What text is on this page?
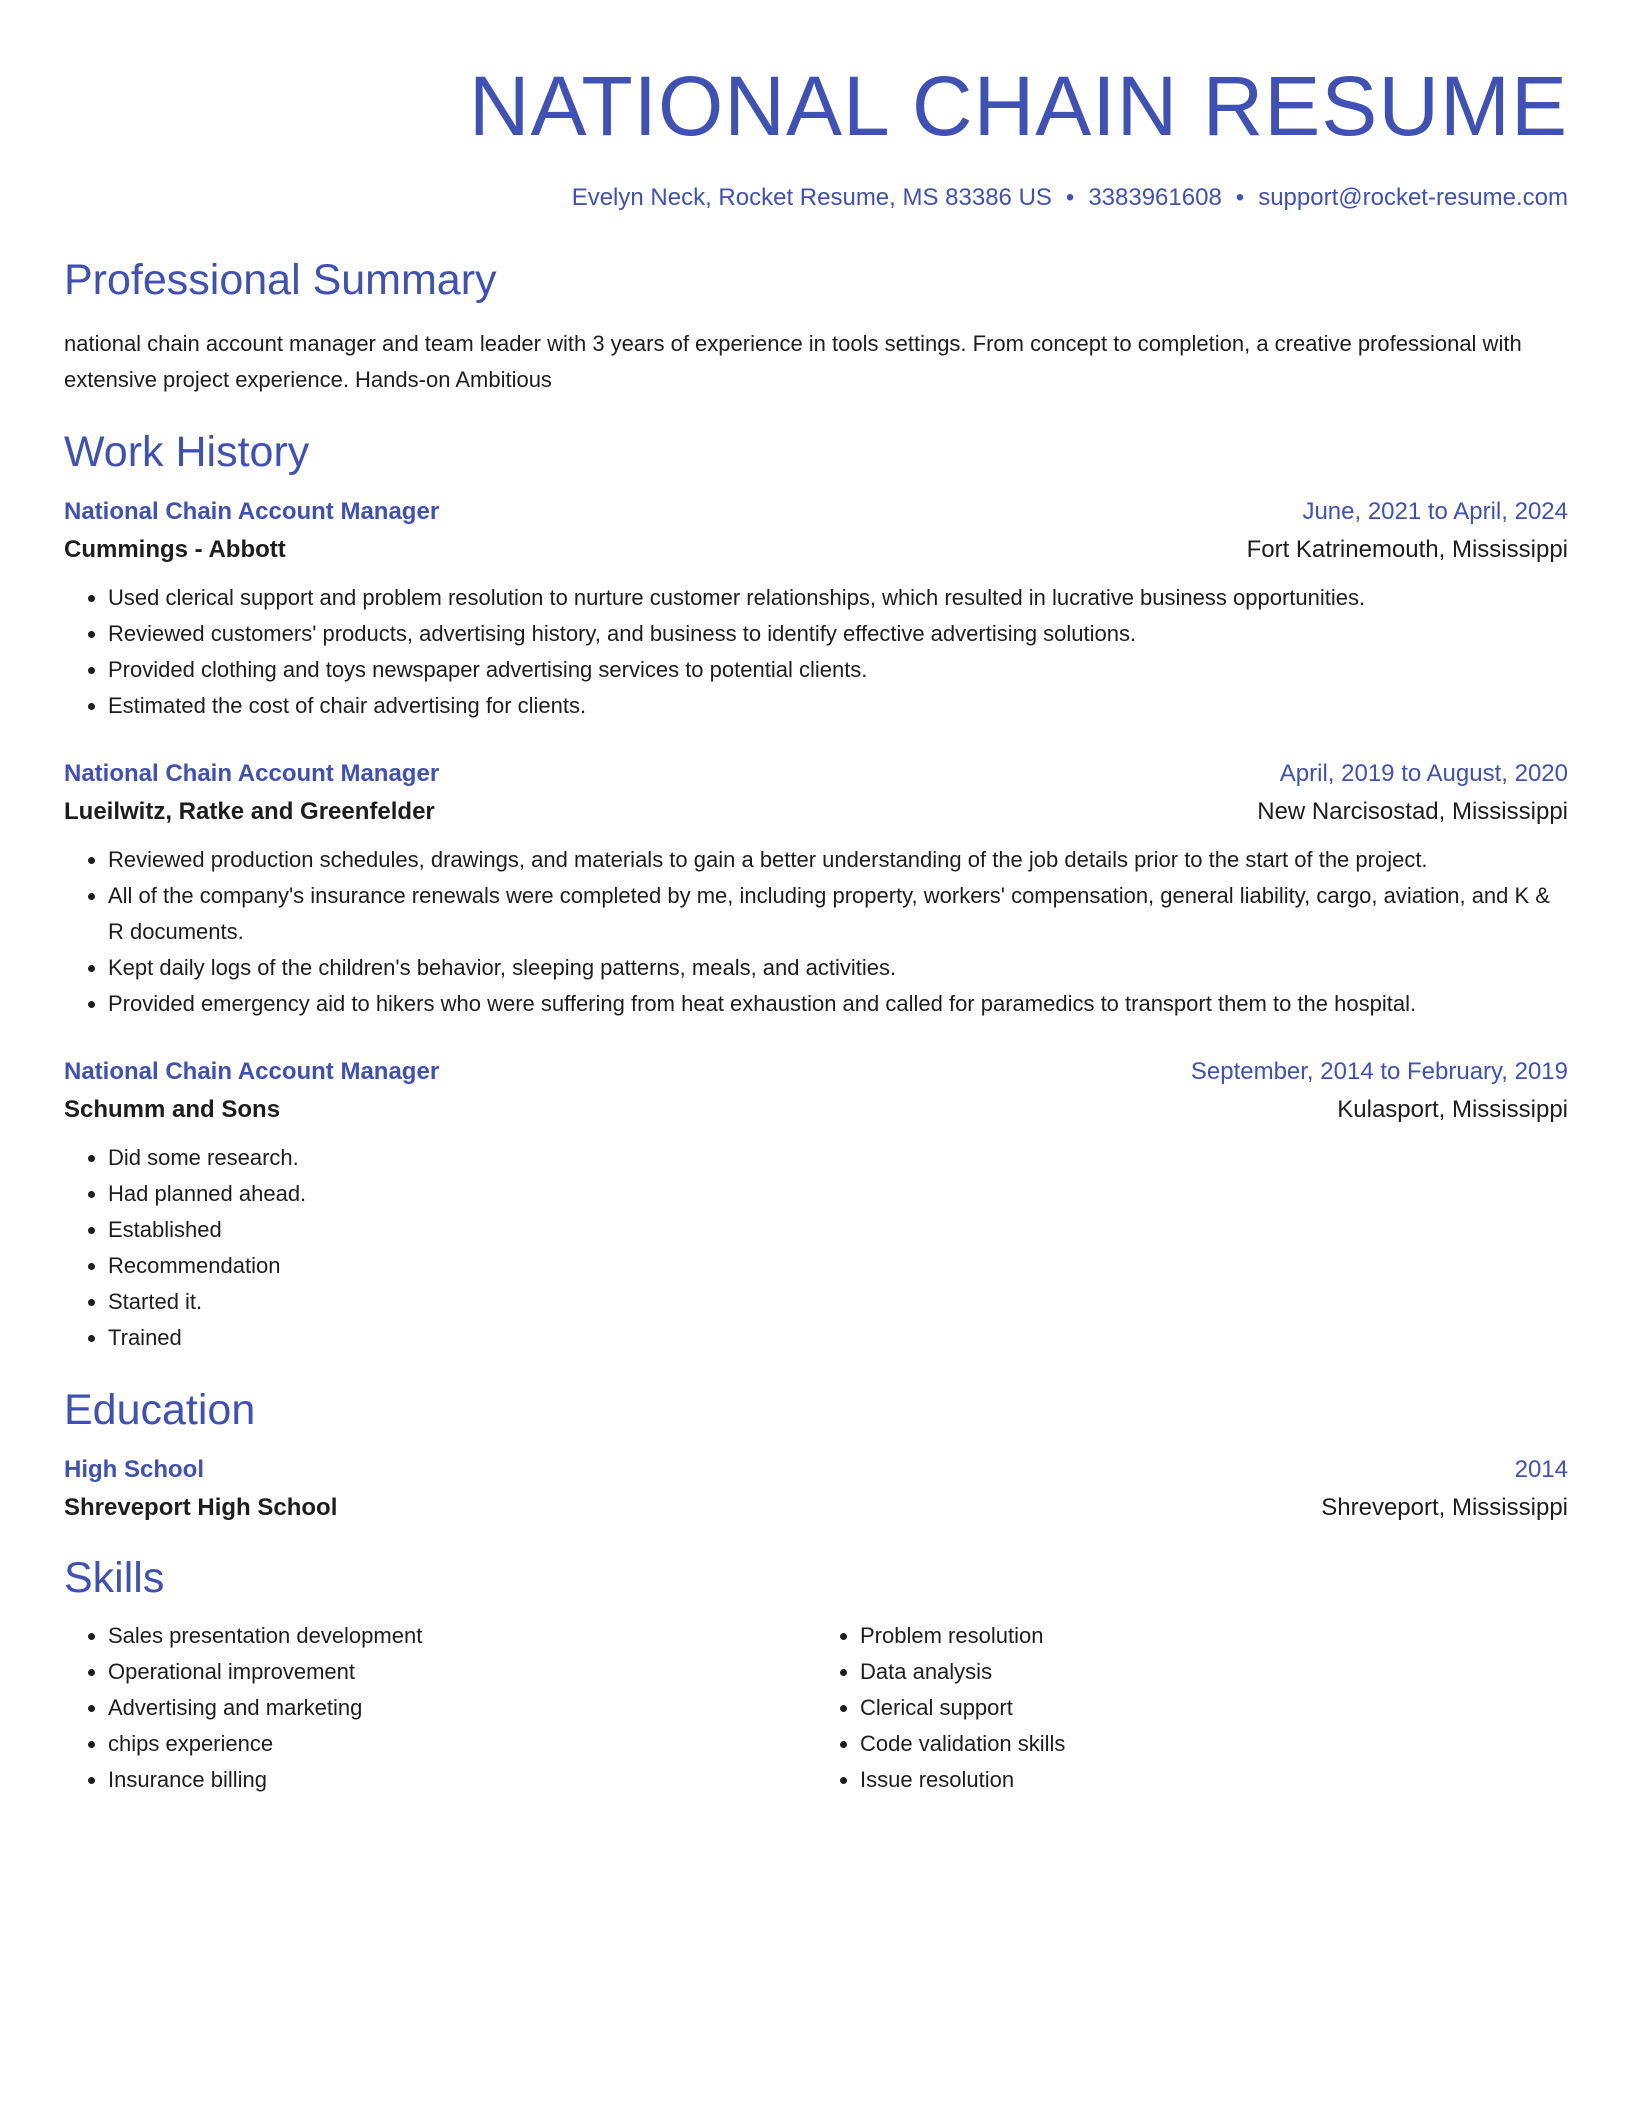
NATIONAL CHAIN RESUME
Evelyn Neck, Rocket Resume, MS 83386 US • 3383961608 • support@rocket-resume.com
Professional Summary

national chain account manager and team leader with 3 years of experience in tools settings. From concept to completion, a creative professional with extensive project experience. Hands-on Ambitious

Work History
National Chain Account Manager	June, 2021 to April, 2024
Cummings - Abbott	Fort Katrinemouth, Mississippi
• Used clerical support and problem resolution to nurture customer relationships, which resulted in lucrative business opportunities.
• Reviewed customers' products, advertising history, and business to identify effective advertising solutions.
• Provided clothing and toys newspaper advertising services to potential clients.
• Estimated the cost of chair advertising for clients.
National Chain Account Manager	April, 2019 to August, 2020
Lueilwitz, Ratke and Greenfelder	New Narcisostad, Mississippi
• Reviewed production schedules, drawings, and materials to gain a better understanding of the job details prior to the start of the project.
• All of the company's insurance renewals were completed by me, including property, workers' compensation, general liability, cargo, aviation, and K & R documents.
• Kept daily logs of the children's behavior, sleeping patterns, meals, and activities.
• Provided emergency aid to hikers who were suffering from heat exhaustion and called for paramedics to transport them to the hospital.
National Chain Account Manager	September, 2014 to February, 2019
Schumm and Sons	Kulasport, Mississippi
• Did some research.
• Had planned ahead.
• Established
• Recommendation
• Started it.
• Trained
Education
High School	2014
Shreveport High School	Shreveport, Mississippi
Skills
• Sales presentation development
• Operational improvement
• Advertising and marketing
• chips experience
• Insurance billing
• Problem resolution
• Data analysis
• Clerical support
• Code validation skills
• Issue resolution
